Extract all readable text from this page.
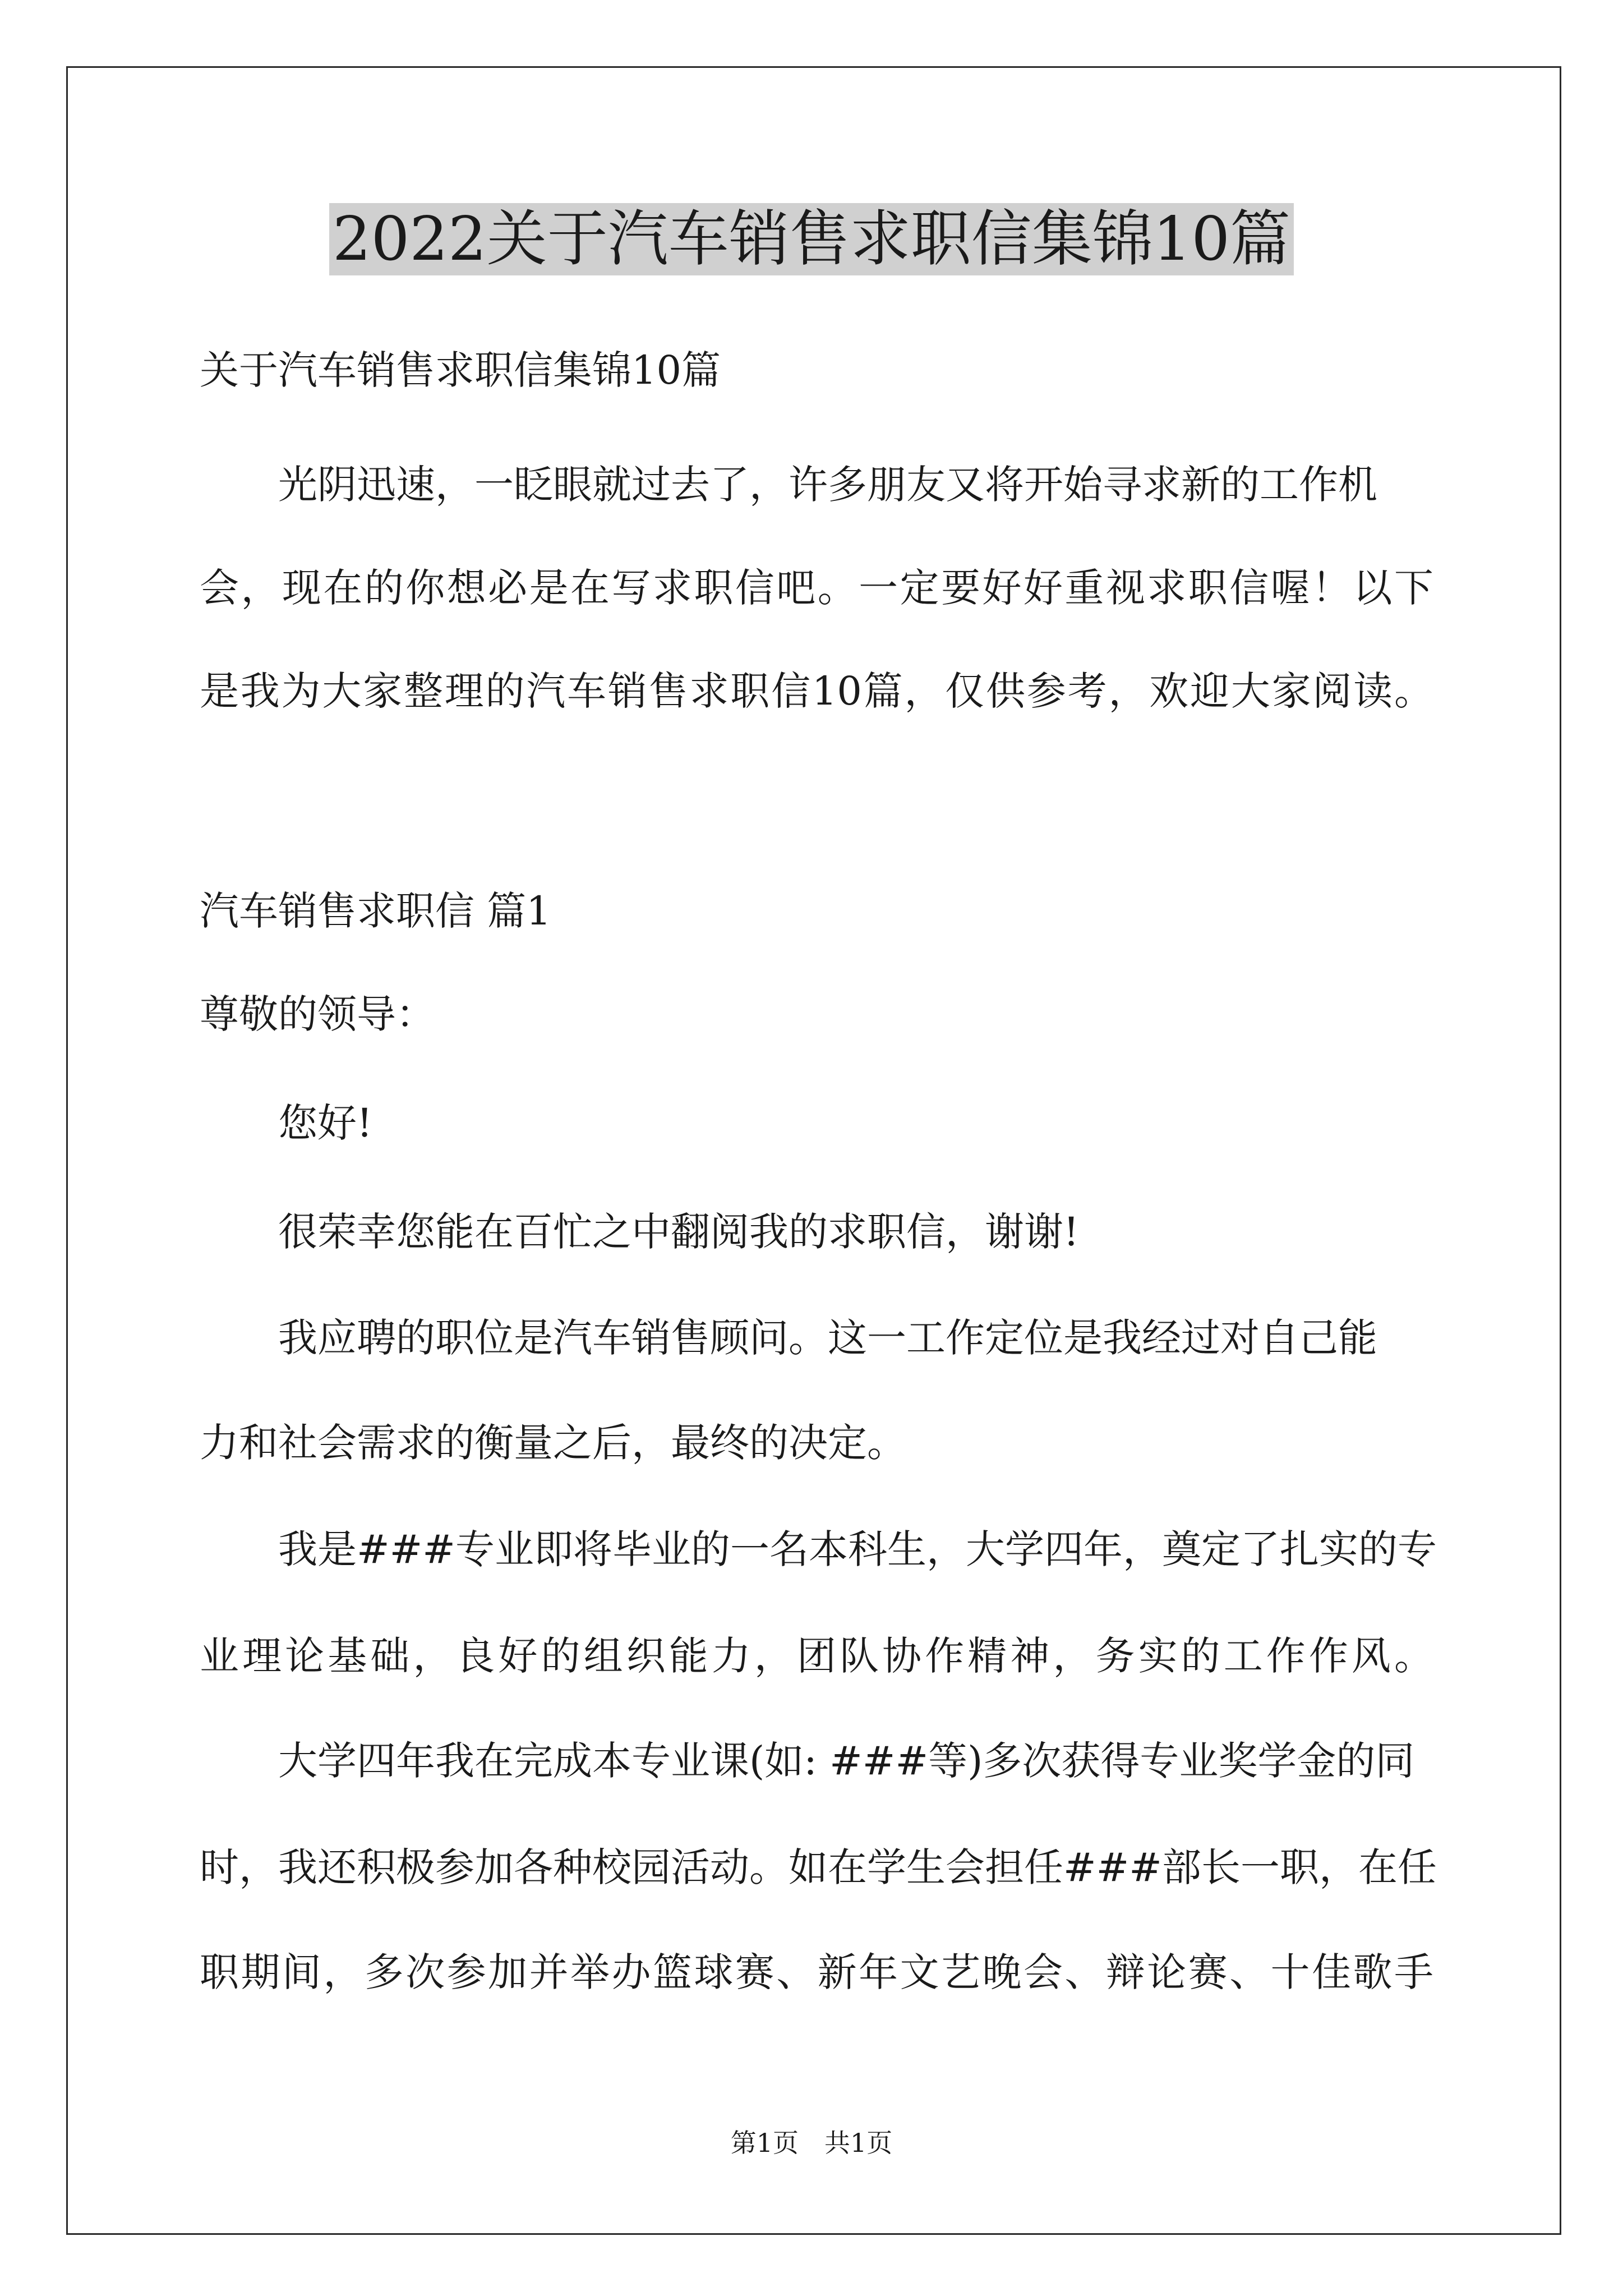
2022关于汽车销售求职信集锦10篇
关于汽车销售求职信集锦10篇
光阴迅速，一眨眼就过去了，许多朋友又将开始寻求新的工作机
会，现在的你想必是在写求职信吧。一定要好好重视求职信喔！以下
是我为大家整理的汽车销售求职信10篇，仅供参考，欢迎大家阅读。
汽车销售求职信 篇1
尊敬的领导：
您好!
很荣幸您能在百忙之中翻阅我的求职信，谢谢!
我应聘的职位是汽车销售顾问。这一工作定位是我经过对自己能
力和社会需求的衡量之后，最终的决定。
我是###专业即将毕业的一名本科生，大学四年，奠定了扎实的专
业理论基础，良好的组织能力，团队协作精神，务实的工作作风。
大学四年我在完成本专业课(如: ###等)多次获得专业奖学金的同
时，我还积极参加各种校园活动。如在学生会担任###部长一职，在任
职期间，多次参加并举办篮球赛、新年文艺晚会、辩论赛、十佳歌手
第1页　共1页
